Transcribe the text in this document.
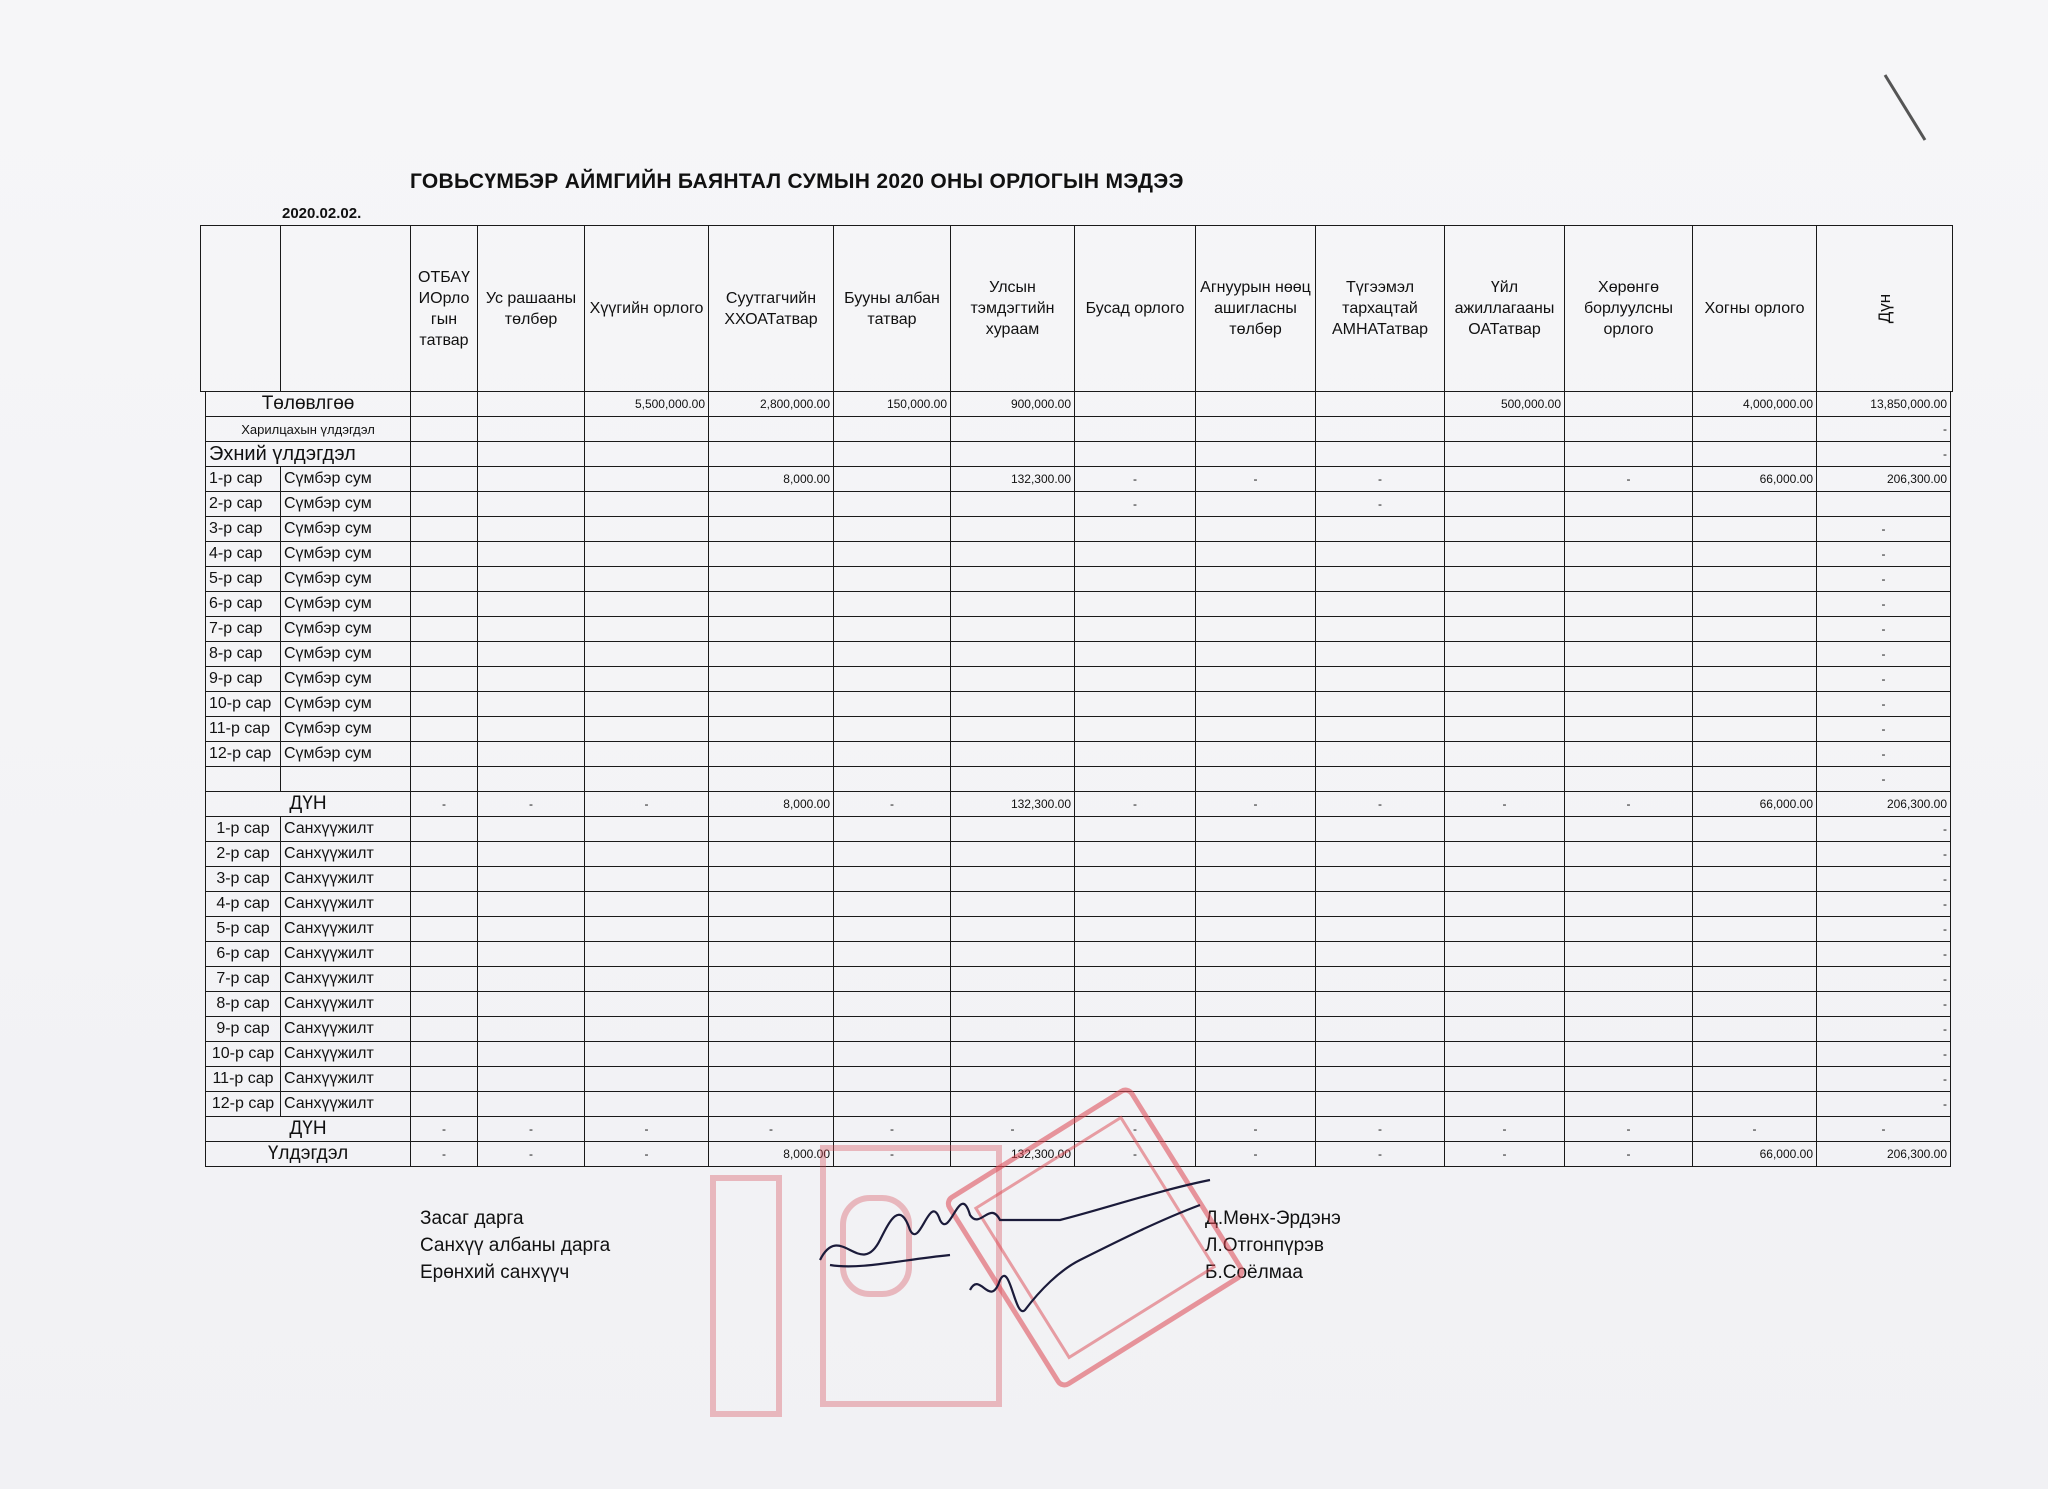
ГОВЬСҮМБЭР АЙМГИЙН БАЯНТАЛ СУМЫН 2020 ОНЫ ОРЛОГЫН МЭДЭЭ
2020.02.02.
		ОТБАҮ ИОрло гын татвар	Ус рашааны төлбөр	Хүүгийн орлого	Суутгагчийн ХХОАТатвар	Бууны албан татвар	Улсын тэмдэгтийн хураам	Бусад орлого	Агнуурын нөөц ашигласны төлбөр	Түгээмэл тархацтай АМНАТатвар	Үйл ажиллагааны ОАТатвар	Хөрөнгө борлуулсны орлого	Хогны орлого	Дүн
Төлөвлгөө				5,500,000.00	2,800,000.00	150,000.00	900,000.00				500,000.00		4,000,000.00	13,850,000.00
Харилцахын үлдэгдэл														-
Эхний үлдэгдэл														-
1-р сар	Сүмбэр сум				8,000.00		132,300.00	-	-	-		-	66,000.00	206,300.00
2-р сар	Сүмбэр сум							-		-				
3-р сар	Сүмбэр сум													-
4-р сар	Сүмбэр сум													-
5-р сар	Сүмбэр сум													-
6-р сар	Сүмбэр сум													-
7-р сар	Сүмбэр сум													-
8-р сар	Сүмбэр сум													-
9-р сар	Сүмбэр сум													-
10-р сар	Сүмбэр сум													-
11-р сар	Сүмбэр сум													-
12-р сар	Сүмбэр сум													-
														-
ДҮН		-	-	-	8,000.00	-	132,300.00	-	-	-	-	-	66,000.00	206,300.00
1-р сар	Санхүүжилт													-
2-р сар	Санхүүжилт													-
3-р сар	Санхүүжилт													-
4-р сар	Санхүүжилт													-
5-р сар	Санхүүжилт													-
6-р сар	Санхүүжилт													-
7-р сар	Санхүүжилт													-
8-р сар	Санхүүжилт													-
9-р сар	Санхүүжилт													-
10-р сар	Санхүүжилт													-
11-р сар	Санхүүжилт													-
12-р сар	Санхүүжилт													-
ДҮН		-	-	-	-	-	-	-	-	-	-	-	-	-
Үлдэгдэл		-	-	-	8,000.00	-	132,300.00	-	-	-	-	-	66,000.00	206,300.00
Засаг дарга
Санхүү албаны дарга
Ерөнхий санхүүч
Д.Мөнх-Эрдэнэ
Л.Отгонпүрэв
Б.Соёлмаа
